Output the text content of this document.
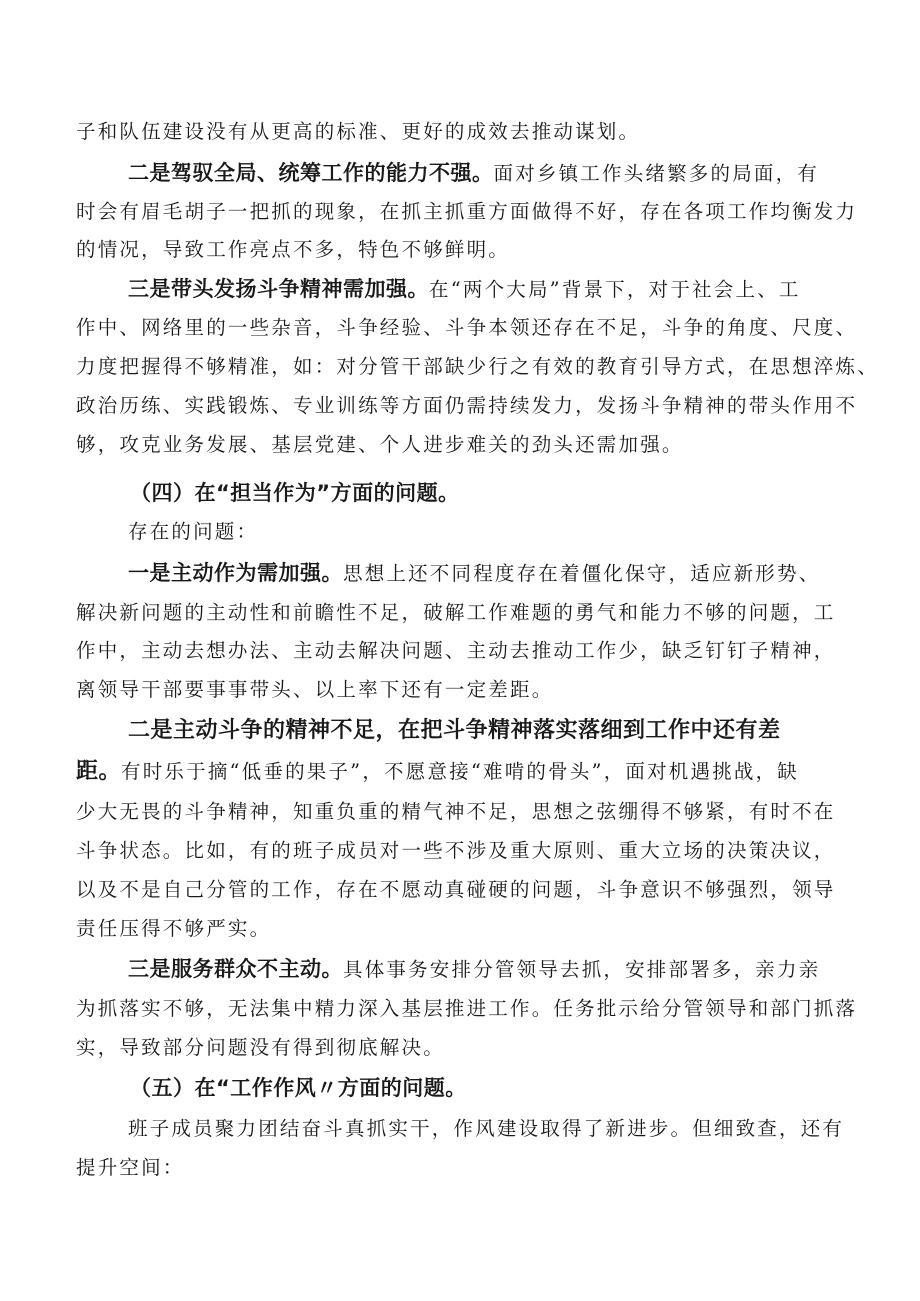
子和队伍建设没有从更高的标准、更好的成效去推动谋划。
二是驾驭全局、统筹工作的能力不强。面对乡镇工作头绪繁多的局面，有
时会有眉毛胡子一把抓的现象，在抓主抓重方面做得不好，存在各项工作均衡发力
的情况，导致工作亮点不多，特色不够鲜明。
三是带头发扬斗争精神需加强。在“两个大局”背景下，对于社会上、工
作中、网络里的一些杂音，斗争经验、斗争本领还存在不足，斗争的角度、尺度、
力度把握得不够精准，如：对分管干部缺少行之有效的教育引导方式，在思想淬炼、
政治历练、实践锻炼、专业训练等方面仍需持续发力，发扬斗争精神的带头作用不
够，攻克业务发展、基层党建、个人进步难关的劲头还需加强。
（四）在“担当作为”方面的问题。
存在的问题：
一是主动作为需加强。思想上还不同程度存在着僵化保守，适应新形势、
解决新问题的主动性和前瞻性不足，破解工作难题的勇气和能力不够的问题，工
作中，主动去想办法、主动去解决问题、主动去推动工作少，缺乏钉钉子精神，
离领导干部要事事带头、以上率下还有一定差距。
二是主动斗争的精神不足，在把斗争精神落实落细到工作中还有差
距。有时乐于摘“低垂的果子”，不愿意接“难啃的骨头”，面对机遇挑战，缺
少大无畏的斗争精神，知重负重的精气神不足，思想之弦绷得不够紧，有时不在
斗争状态。比如，有的班子成员对一些不涉及重大原则、重大立场的决策决议，
以及不是自己分管的工作，存在不愿动真碰硬的问题，斗争意识不够强烈，领导
责任压得不够严实。
三是服务群众不主动。具体事务安排分管领导去抓，安排部署多，亲力亲
为抓落实不够，无法集中精力深入基层推进工作。任务批示给分管领导和部门抓落
实，导致部分问题没有得到彻底解决。
（五）在“工作作风〃方面的问题。
班子成员聚力团结奋斗真抓实干，作风建设取得了新进步。但细致查，还有
提升空间：
